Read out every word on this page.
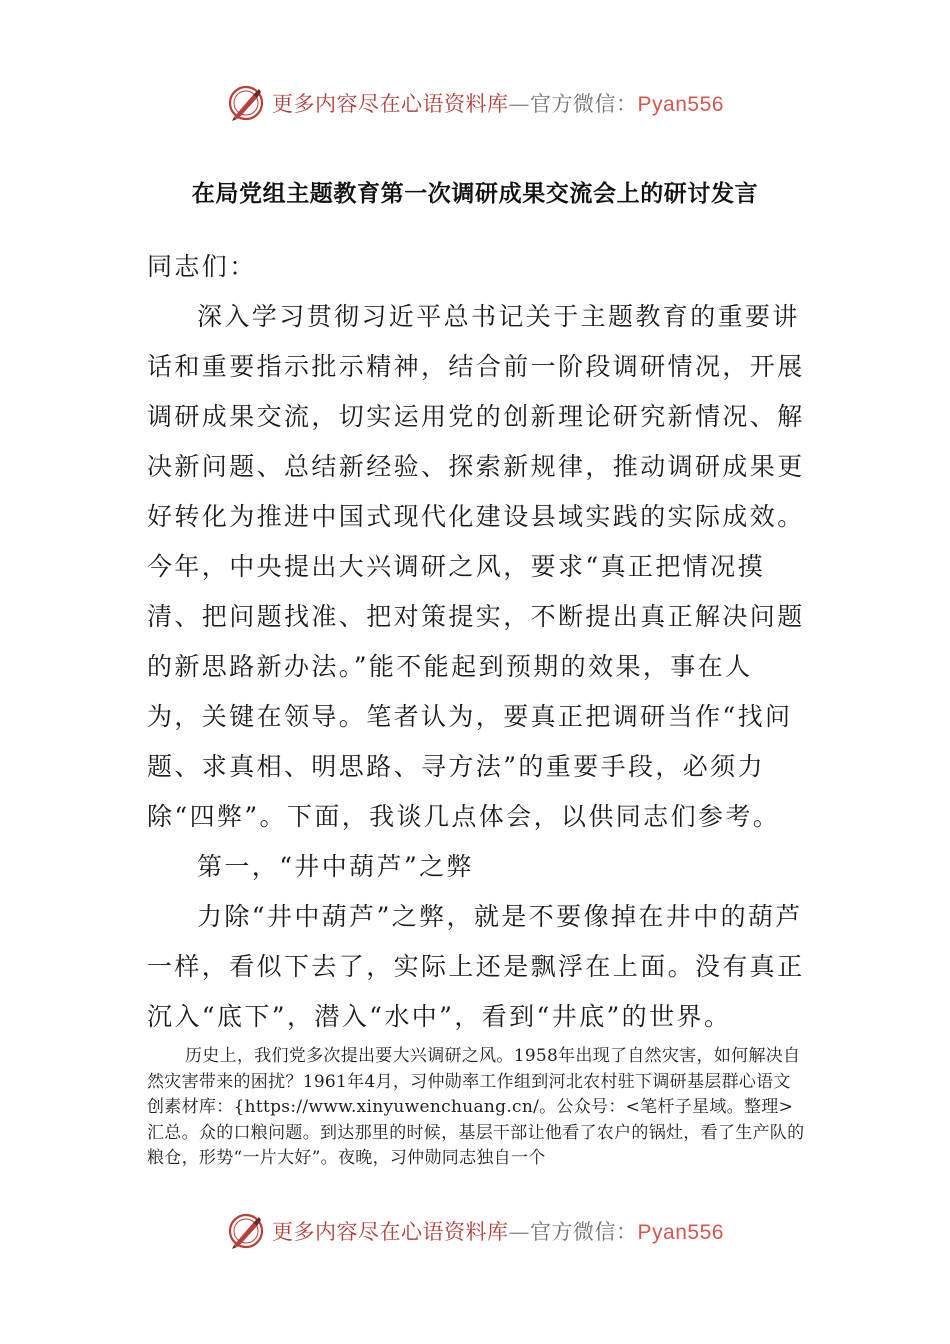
更多内容尽在心语资料库—官方微信：Pyan556
在局党组主题教育第一次调研成果交流会上的研讨发言

同志们：

深入学习贯彻习近平总书记关于主题教育的重要讲话和重要指示批示精神，结合前一阶段调研情况，开展调研成果交流，切实运用党的创新理论研究新情况、解决新问题、总结新经验、探索新规律，推动调研成果更好转化为推进中国式现代化建设县域实践的实际成效。今年，中央提出大兴调研之风，要求“真正把情况摸清、把问题找准、把对策提实，不断提出真正解决问题的新思路新办法。”能不能起到预期的效果，事在人为，关键在领导。笔者认为，要真正把调研当作“找问题、求真相、明思路、寻方法”的重要手段，必须力除“四弊”。下面，我谈几点体会，以供同志们参考。

第一，“井中葫芦”之弊

力除“井中葫芦”之弊，就是不要像掉在井中的葫芦一样，看似下去了，实际上还是飘浮在上面。没有真正沉入“底下”，潜入“水中”，看到“井底”的世界。

历史上，我们党多次提出要大兴调研之风。1958年出现了自然灾害，如何解决自然灾害带来的困扰？1961年4月，习仲勋率工作组到河北农村驻下调研基层群心语文创素材库：{https://www.xinyuwenchuang.cn/。公众号：<笔杆子星域。整理>汇总。众的口粮问题。到达那里的时候，基层干部让他看了农户的锅灶，看了生产队的粮仓，形势“一片大好”。夜晚，习仲勋同志独自一个

更多内容尽在心语资料库—官方微信：Pyan556
